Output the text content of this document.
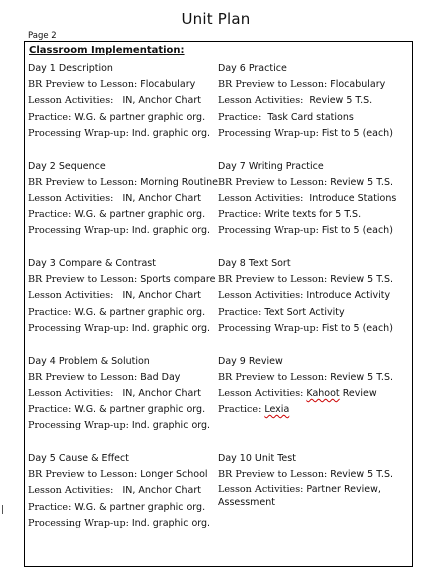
Unit Plan
Page 2
Classroom Implementation:
Day 1 Description
BR Preview to Lesson: Flocabulary
Lesson Activities: IN, Anchor Chart
Practice: W.G. & partner graphic org.
Processing Wrap-up: Ind. graphic org.
Day 2 Sequence
BR Preview to Lesson: Morning Routine
Lesson Activities: IN, Anchor Chart
Practice: W.G. & partner graphic org.
Processing Wrap-up: Ind. graphic org.
Day 3 Compare & Contrast
BR Preview to Lesson: Sports compare
Lesson Activities: IN, Anchor Chart
Practice: W.G. & partner graphic org.
Processing Wrap-up: Ind. graphic org.
Day 4 Problem & Solution
BR Preview to Lesson: Bad Day
Lesson Activities: IN, Anchor Chart
Practice: W.G. & partner graphic org.
Processing Wrap-up: Ind. graphic org.
Day 5 Cause & Effect
BR Preview to Lesson: Longer School
Lesson Activities: IN, Anchor Chart
Practice: W.G. & partner graphic org.
Processing Wrap-up: Ind. graphic org.
Day 6 Practice
BR Preview to Lesson: Flocabulary
Lesson Activities: Review 5 T.S.
Practice: Task Card stations
Processing Wrap-up: Fist to 5 (each)
Day 7 Writing Practice
BR Preview to Lesson: Review 5 T.S.
Lesson Activities: Introduce Stations
Practice: Write texts for 5 T.S.
Processing Wrap-up: Fist to 5 (each)
Day 8 Text Sort
BR Preview to Lesson: Review 5 T.S.
Lesson Activities: Introduce Activity
Practice: Text Sort Activity
Processing Wrap-up: Fist to 5 (each)
Day 9 Review
BR Preview to Lesson: Review 5 T.S.
Lesson Activities: Kahoot Review
Practice: Lexia
Day 10 Unit Test
BR Preview to Lesson: Review 5 T.S.
Lesson Activities: Partner Review, Assessment
